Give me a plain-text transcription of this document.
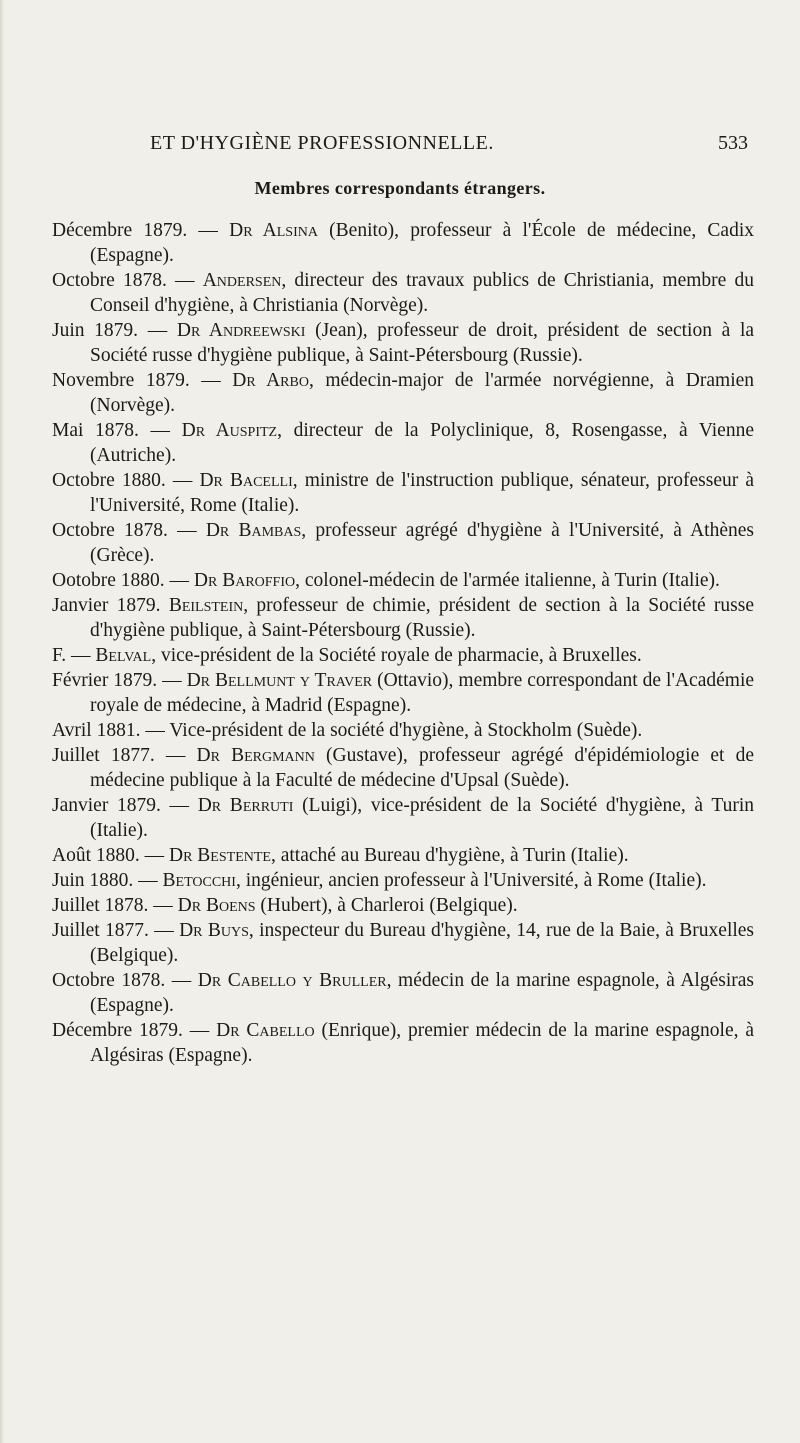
ET D'HYGIÈNE PROFESSIONNELLE.	533
Membres correspondants étrangers.
Décembre 1879. — Dr Alsina (Benito), professeur à l'École de médecine, Cadix (Espagne).
Octobre 1878. — Andersen, directeur des travaux publics de Christiania, membre du Conseil d'hygiène, à Christiania (Norvège).
Juin 1879. — Dr Andreewski (Jean), professeur de droit, président de section à la Société russe d'hygiène publique, à Saint-Pétersbourg (Russie).
Novembre 1879. — Dr Arbo, médecin-major de l'armée norvégienne, à Dramien (Norvège).
Mai 1878. — Dr Auspitz, directeur de la Polyclinique, 8, Rosengasse, à Vienne (Autriche).
Octobre 1880. — Dr Bacelli, ministre de l'instruction publique, sénateur, professeur à l'Université, Rome (Italie).
Octobre 1878. — Dr Bambas, professeur agrégé d'hygiène à l'Université, à Athènes (Grèce).
Ootobre 1880. — Dr Baroffio, colonel-médecin de l'armée italienne, à Turin (Italie).
Janvier 1879. Beilstein, professeur de chimie, président de section à la Société russe d'hygiène publique, à Saint-Pétersbourg (Russie).
F. — Belval, vice-président de la Société royale de pharmacie, à Bruxelles.
Février 1879. — Dr Bellmunt y Traver (Ottavio), membre correspondant de l'Académie royale de médecine, à Madrid (Espagne).
Avril 1881. — Vice-président de la société d'hygiène, à Stockholm (Suède).
Juillet 1877. — Dr Bergmann (Gustave), professeur agrégé d'épidémiologie et de médecine publique à la Faculté de médecine d'Upsal (Suède).
Janvier 1879. — Dr Berruti (Luigi), vice-président de la Société d'hygiène, à Turin (Italie).
Août 1880. — Dr Bestente, attaché au Bureau d'hygiène, à Turin (Italie).
Juin 1880. — Betocchi, ingénieur, ancien professeur à l'Université, à Rome (Italie).
Juillet 1878. — Dr Boens (Hubert), à Charleroi (Belgique).
Juillet 1877. — Dr Buys, inspecteur du Bureau d'hygiène, 14, rue de la Baie, à Bruxelles (Belgique).
Octobre 1878. — Dr Cabello y Bruller, médecin de la marine espagnole, à Algésiras (Espagne).
Décembre 1879. — Dr Cabello (Enrique), premier médecin de la marine espagnole, à Algésiras (Espagne).
